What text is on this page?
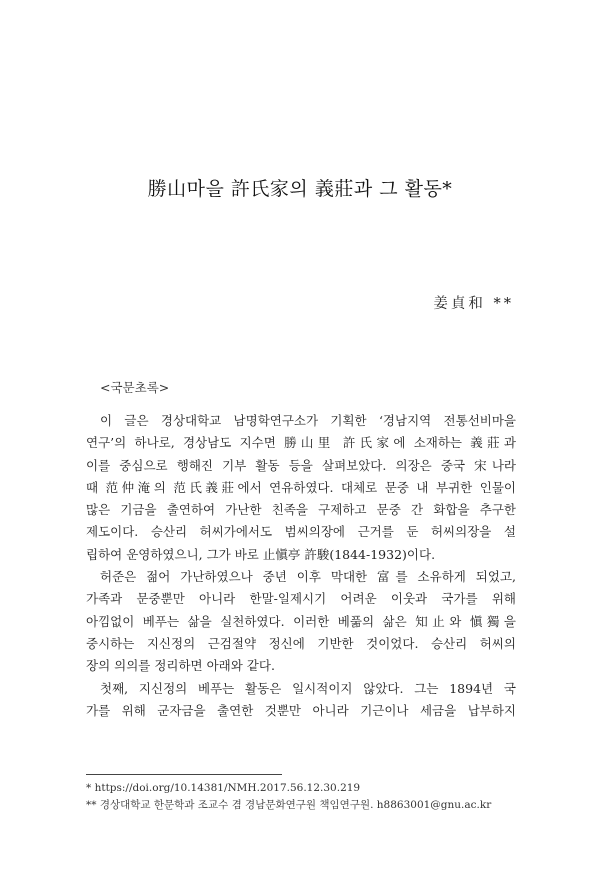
勝山마을 許氏家의 義莊과 그 활동*
姜貞和 **
<국문초록>
이 글은 경상대학교 남명학연구소가 기획한 ‘경남지역 전통선비마을
연구’의 하나로, 경상남도 지수면 勝山里 許氏家에 소재하는 義莊과
이를 중심으로 행해진 기부 활동 등을 살펴보았다. 의장은 중국 宋나라
때 范仲淹의 范氏義莊에서 연유하였다. 대체로 문중 내 부귀한 인물이
많은 기금을 출연하여 가난한 친족을 구제하고 문중 간 화합을 추구한
제도이다. 승산리 허씨가에서도 범씨의장에 근거를 둔 허씨의장을 설
립하여 운영하였으니, 그가 바로 止愼亭 許駿(1844-1932)이다.
허준은 젊어 가난하였으나 중년 이후 막대한 富를 소유하게 되었고,
가족과 문중뿐만 아니라 한말-일제시기 어려운 이웃과 국가를 위해
아낌없이 베푸는 삶을 실천하였다. 이러한 베풂의 삶은 知止와 愼獨을
중시하는 지신정의 근검절약 정신에 기반한 것이었다. 승산리 허씨의
장의 의의를 정리하면 아래와 같다.
첫째, 지신정의 베푸는 활동은 일시적이지 않았다. 그는 1894년 국
가를 위해 군자금을 출연한 것뿐만 아니라 기근이나 세금을 납부하지
* https://doi.org/10.14381/NMH.2017.56.12.30.219
** 경상대학교 한문학과 조교수 겸 경남문화연구원 책임연구원. h8863001@gnu.ac.kr
